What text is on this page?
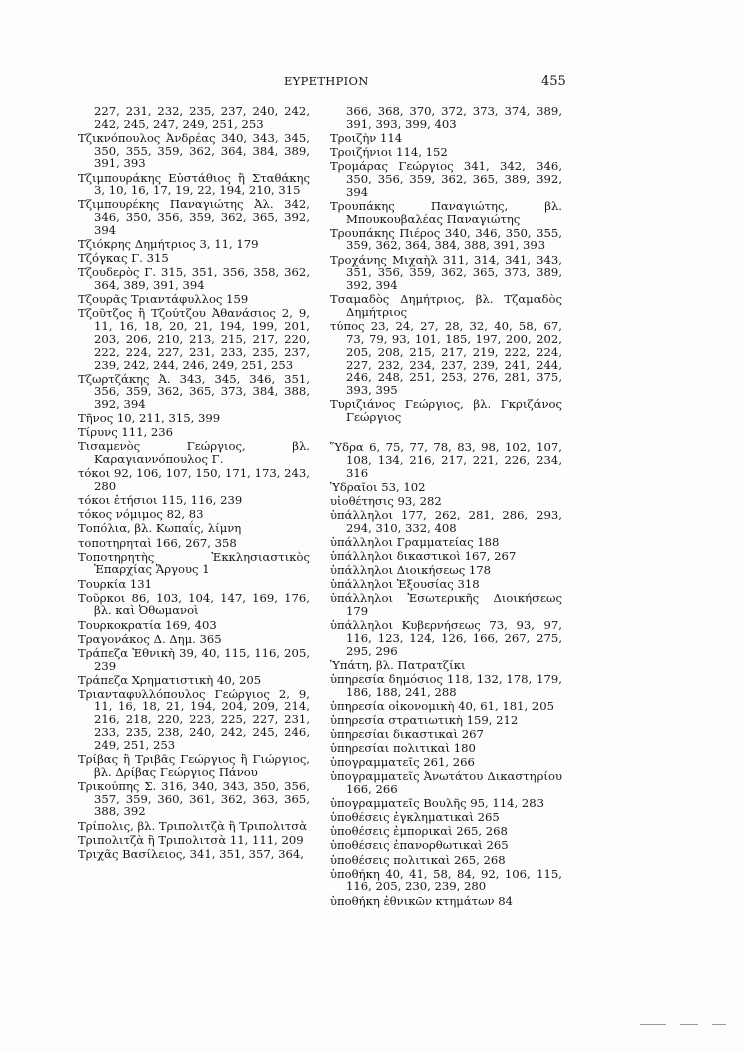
ΕΥΡΕΤΗΡΙΟΝ	455
227, 231, 232, 235, 237, 240, 242, 242, 245, 247, 249, 251, 253
Τζικνόπουλος Ἀνδρέας 340, 343, 345, 350, 355, 359, 362, 364, 384, 389, 391, 393
Τζιμπουράκης Εὐστάθιος ἢ Σταθάκης 3, 10, 16, 17, 19, 22, 194, 210, 315
Τζιμπουρέκης Παναγιώτης Ἀλ. 342, 346, 350, 356, 359, 362, 365, 392, 394
Τζιόκρης Δημήτριος 3, 11, 179
Τζόγκας Γ. 315
Τζουδερὸς Γ. 315, 351, 356, 358, 362, 364, 389, 391, 394
Τζουρᾶς Τριαντάφυλλος 159
Τζοῦτζος ἢ Τζούτζου Ἀθανάσιος 2, 9, 11, 16, 18, 20, 21, 194, 199, 201, 203, 206, 210, 213, 215, 217, 220, 222, 224, 227, 231, 233, 235, 237, 239, 242, 244, 246, 249, 251, 253
Τζωρτζάκης Ἀ. 343, 345, 346, 351, 356, 359, 362, 365, 373, 384, 388, 392, 394
Τῆνος 10, 211, 315, 399
Τίρυνς 111, 236
Τισαμενὸς Γεώργιος, βλ. Καραγιαννόπουλος Γ.
τόκοι 92, 106, 107, 150, 171, 173, 243, 280
τόκοι ἐτήσιοι 115, 116, 239
τόκος νόμιμος 82, 83
Τοπόλια, βλ. Κωπαΐς, λίμνη
τοποτηρηταὶ 166, 267, 358
Τοποτηρητὴς Ἐκκλησιαστικὸς Ἐπαρχίας Ἄργους 1
Τουρκία 131
Τοῦρκοι 86, 103, 104, 147, 169, 176, βλ. καὶ Ὀθωμανοὶ
Τουρκοκρατία 169, 403
Τραγονάκος Δ. Δημ. 365
Τράπεζα Ἐθνικὴ 39, 40, 115, 116, 205, 239
Τράπεζα Χρηματιστικὴ 40, 205
Τριανταφυλλόπουλος Γεώργιος 2, 9, 11, 16, 18, 21, 194, 204, 209, 214, 216, 218, 220, 223, 225, 227, 231, 233, 235, 238, 240, 242, 245, 246, 249, 251, 253
Τρίβας ἢ Τριβᾶς Γεώργιος ἢ Γιώργιος, βλ. Δρίβας Γεώργιος Πάνου
Τρικούπης Σ. 316, 340, 343, 350, 356, 357, 359, 360, 361, 362, 363, 365, 388, 392
Τρίπολις, βλ. Τριπολιτζὰ ἢ Τριπολιτσὰ
Τριπολιτζὰ ἢ Τριπολιτσὰ 11, 111, 209
Τριχᾶς Βασίλειος, 341, 351, 357, 364,
366, 368, 370, 372, 373, 374, 389, 391, 393, 399, 403
Τροιζὴν 114
Τροιζήνιοι 114, 152
Τρομάρας Γεώργιος 341, 342, 346, 350, 356, 359, 362, 365, 389, 392, 394
Τρουπάκης Παναγιώτης, βλ. Μπουκουβαλέας Παναγιώτης
Τρουπάκης Πιέρος 340, 346, 350, 355, 359, 362, 364, 384, 388, 391, 393
Τροχάνης Μιχαὴλ 311, 314, 341, 343, 351, 356, 359, 362, 365, 373, 389, 392, 394
Τσαμαδὸς Δημήτριος, βλ. Τζαμαδὸς Δημήτριος
τύπος 23, 24, 27, 28, 32, 40, 58, 67, 73, 79, 93, 101, 185, 197, 200, 202, 205, 208, 215, 217, 219, 222, 224, 227, 232, 234, 237, 239, 241, 244, 246, 248, 251, 253, 276, 281, 375, 393, 395
Τυριζιάνος Γεώργιος, βλ. Γκριζάνος Γεώργιος
Ὕδρα 6, 75, 77, 78, 83, 98, 102, 107, 108, 134, 216, 217, 221, 226, 234, 316
Ὑδραῖοι 53, 102
υἱοθέτησις 93, 282
ὑπάλληλοι 177, 262, 281, 286, 293, 294, 310, 332, 408
ὑπάλληλοι Γραμματείας 188
ὑπάλληλοι δικαστικοὶ 167, 267
ὑπάλληλοι Διοικήσεως 178
ὑπάλληλοι Ἐξουσίας 318
ὑπάλληλοι Ἐσωτερικῆς Διοικήσεως 179
ὑπάλληλοι Κυβερνήσεως 73, 93, 97, 116, 123, 124, 126, 166, 267, 275, 295, 296
Ὑπάτη, βλ. Πατρατζίκι
ὑπηρεσία δημόσιος 118, 132, 178, 179, 186, 188, 241, 288
ὑπηρεσία οἰκονομικὴ 40, 61, 181, 205
ὑπηρεσία στρατιωτικὴ 159, 212
ὑπηρεσίαι δικαστικαὶ 267
ὑπηρεσίαι πολιτικαὶ 180
ὑπογραμματεῖς 261, 266
ὑπογραμματεῖς Ἀνωτάτου Δικαστηρίου 166, 266
ὑπογραμματεῖς Βουλῆς 95, 114, 283
ὑποθέσεις ἐγκληματικαὶ 265
ὑποθέσεις ἐμπορικαὶ 265, 268
ὑποθέσεις ἐπανορθωτικαὶ 265
ὑποθέσεις πολιτικαὶ 265, 268
ὑποθήκη 40, 41, 58, 84, 92, 106, 115, 116, 205, 230, 239, 280
ὑποθήκη ἐθνικῶν κτημάτων 84
